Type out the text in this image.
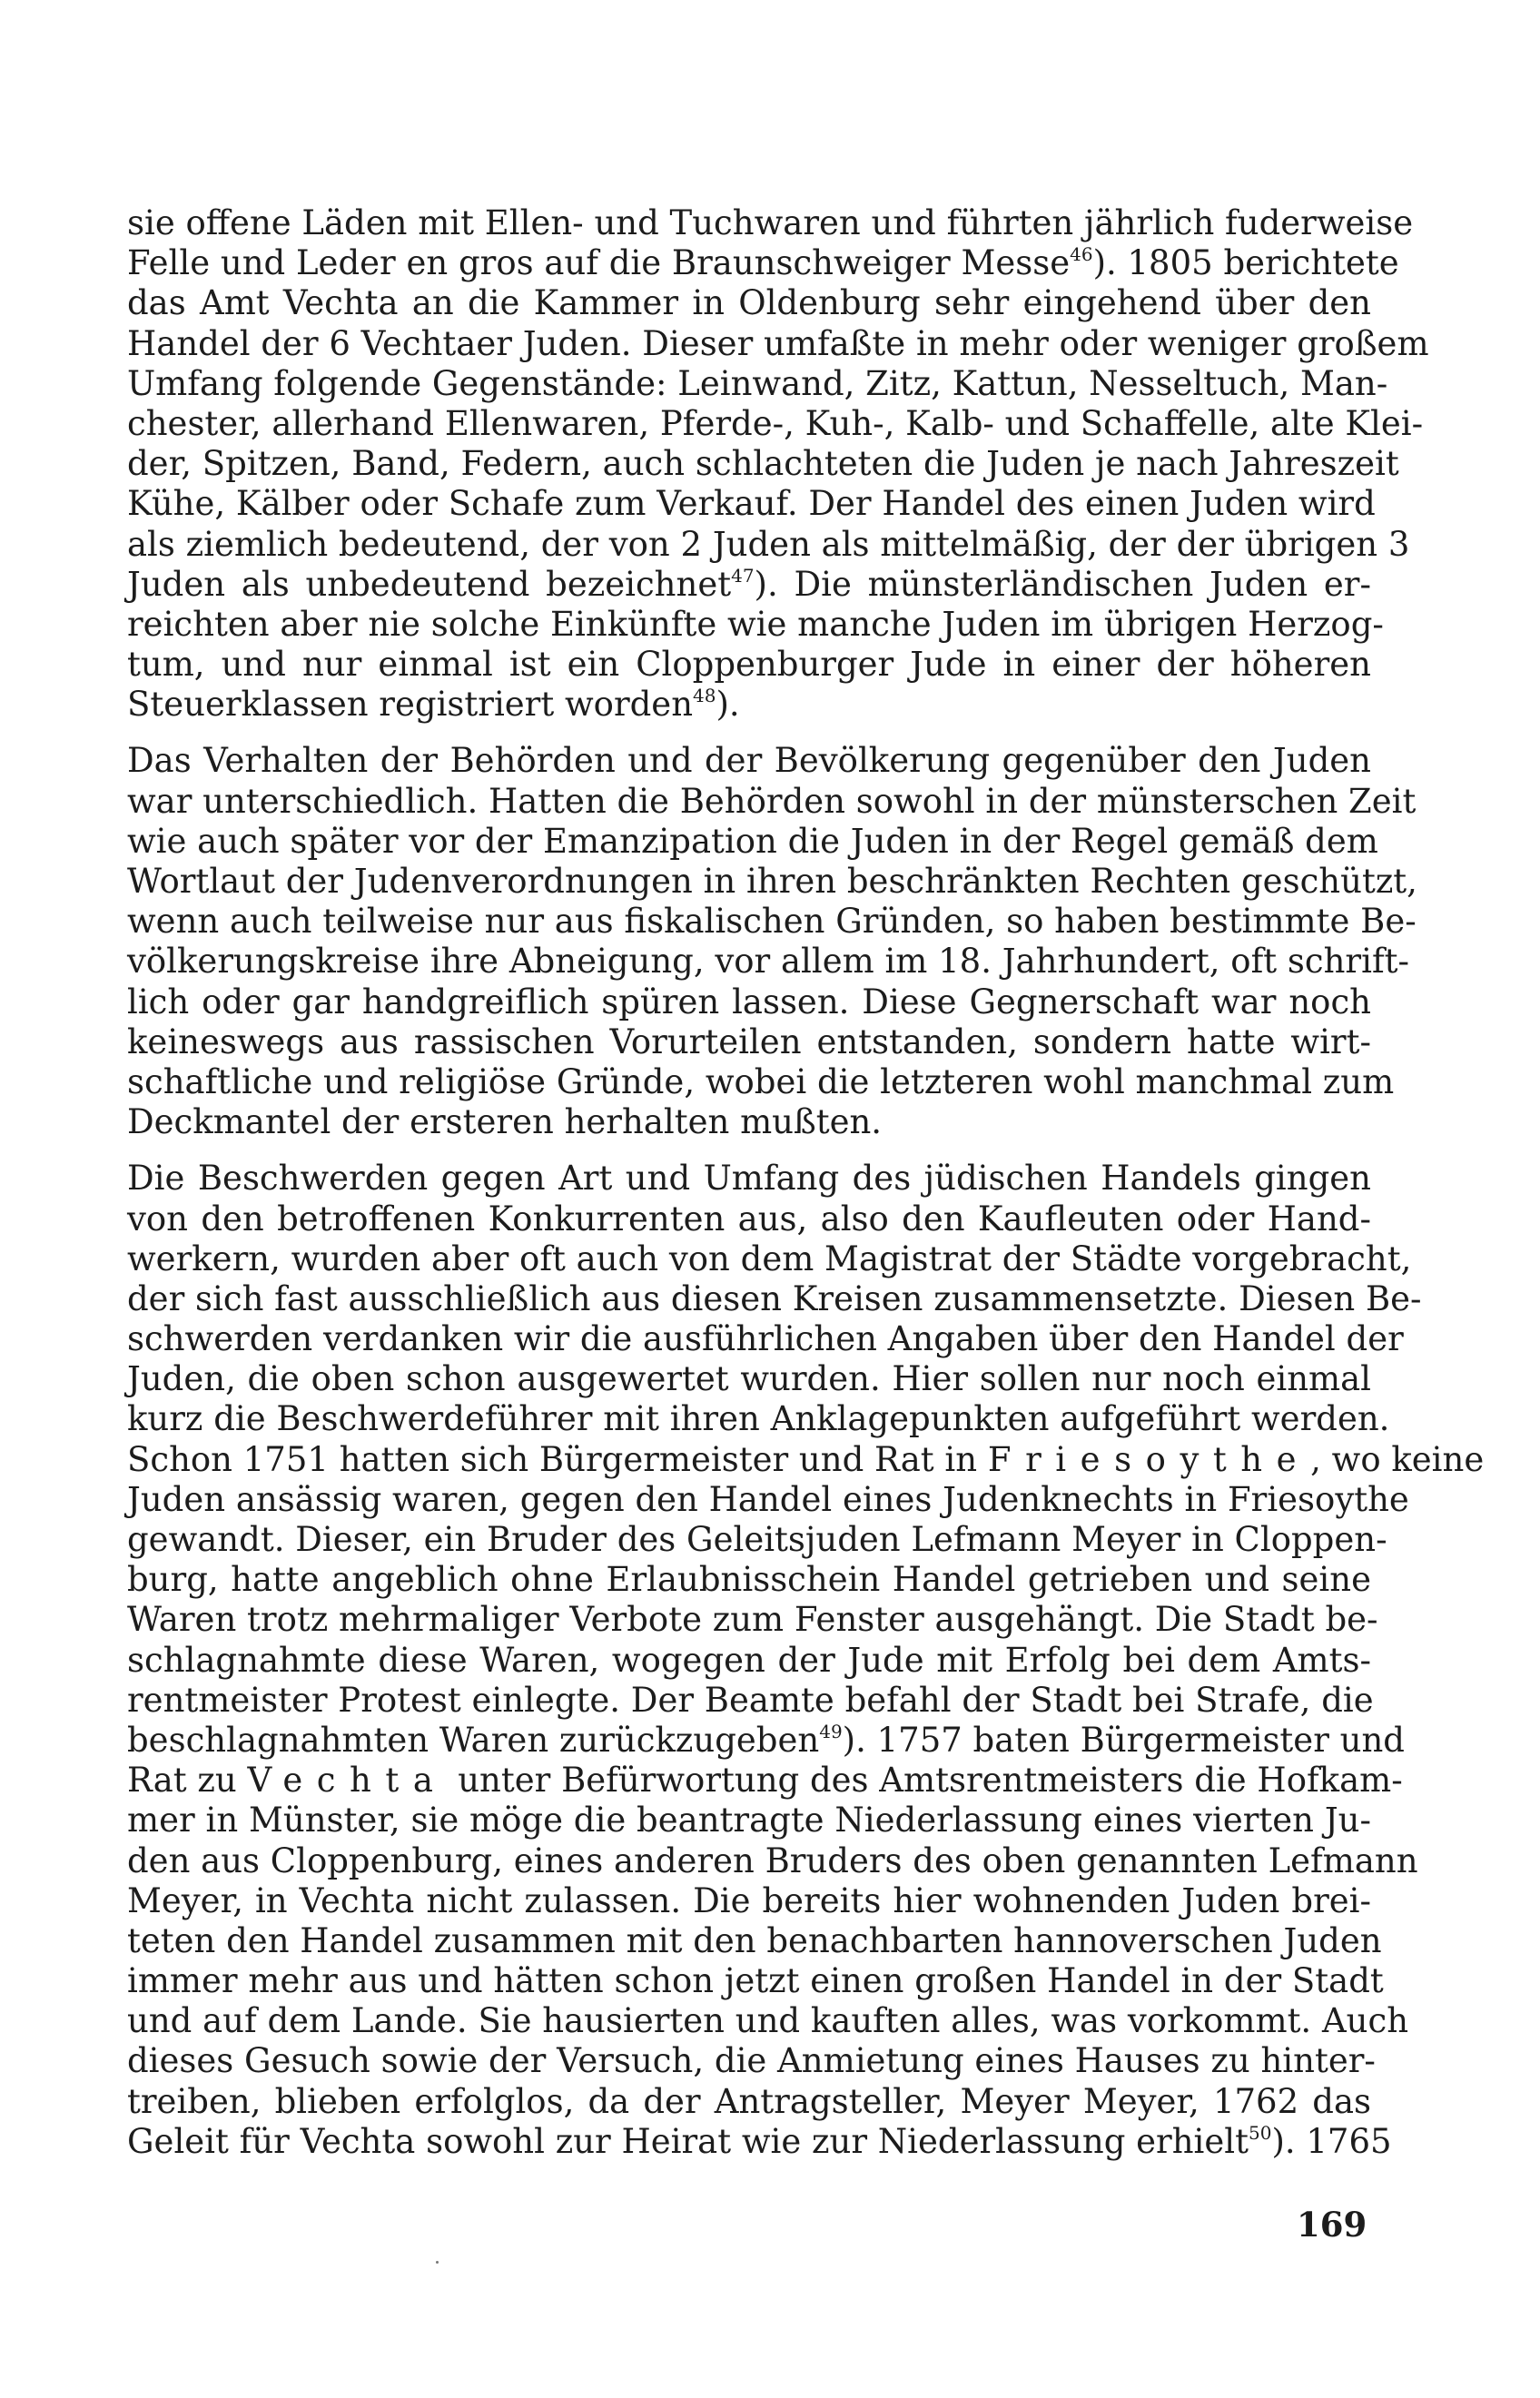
sie offene Läden mit Ellen- und Tuchwaren und führten jährlich fuderweise
Felle und Leder en gros auf die Braunschweiger Messe$^{46}$). 1805 berichtete
das Amt Vechta an die Kammer in Oldenburg sehr eingehend über den
Handel der 6 Vechtaer Juden. Dieser umfaßte in mehr oder weniger großem
Umfang folgende Gegenstände: Leinwand, Zitz, Kattun, Nesseltuch, Man-
chester, allerhand Ellenwaren, Pferde-, Kuh-, Kalb- und Schaffelle, alte Klei-
der, Spitzen, Band, Federn, auch schlachteten die Juden je nach Jahreszeit
Kühe, Kälber oder Schafe zum Verkauf. Der Handel des einen Juden wird
als ziemlich bedeutend, der von 2 Juden als mittelmäßig, der der übrigen 3
Juden als unbedeutend bezeichnet$^{47}$). Die münsterländischen Juden er-
reichten aber nie solche Einkünfte wie manche Juden im übrigen Herzog-
tum, und nur einmal ist ein Cloppenburger Jude in einer der höheren
Steuerklassen registriert worden$^{48}$).
Das Verhalten der Behörden und der Bevölkerung gegenüber den Juden
war unterschiedlich. Hatten die Behörden sowohl in der münsterschen Zeit
wie auch später vor der Emanzipation die Juden in der Regel gemäß dem
Wortlaut der Judenverordnungen in ihren beschränkten Rechten geschützt,
wenn auch teilweise nur aus fiskalischen Gründen, so haben bestimmte Be-
völkerungskreise ihre Abneigung, vor allem im 18. Jahrhundert, oft schrift-
lich oder gar handgreiflich spüren lassen. Diese Gegnerschaft war noch
keineswegs aus rassischen Vorurteilen entstanden, sondern hatte wirt-
schaftliche und religiöse Gründe, wobei die letzteren wohl manchmal zum
Deckmantel der ersteren herhalten mußten.
Die Beschwerden gegen Art und Umfang des jüdischen Handels gingen
von den betroffenen Konkurrenten aus, also den Kaufleuten oder Hand-
werkern, wurden aber oft auch von dem Magistrat der Städte vorgebracht,
der sich fast ausschließlich aus diesen Kreisen zusammensetzte. Diesen Be-
schwerden verdanken wir die ausführlichen Angaben über den Handel der
Juden, die oben schon ausgewertet wurden. Hier sollen nur noch einmal
kurz die Beschwerdeführer mit ihren Anklagepunkten aufgeführt werden.
Schon 1751 hatten sich Bürgermeister und Rat in Friesoythe, wo keine
Juden ansässig waren, gegen den Handel eines Judenknechts in Friesoythe
gewandt. Dieser, ein Bruder des Geleitsjuden Lefmann Meyer in Cloppen-
burg, hatte angeblich ohne Erlaubnisschein Handel getrieben und seine
Waren trotz mehrmaliger Verbote zum Fenster ausgehängt. Die Stadt be-
schlagnahmte diese Waren, wogegen der Jude mit Erfolg bei dem Amts-
rentmeister Protest einlegte. Der Beamte befahl der Stadt bei Strafe, die
beschlagnahmten Waren zurückzugeben$^{49}$). 1757 baten Bürgermeister und
Rat zu Vechta unter Befürwortung des Amtsrentmeisters die Hofkam-
mer in Münster, sie möge die beantragte Niederlassung eines vierten Ju-
den aus Cloppenburg, eines anderen Bruders des oben genannten Lefmann
Meyer, in Vechta nicht zulassen. Die bereits hier wohnenden Juden brei-
teten den Handel zusammen mit den benachbarten hannoverschen Juden
immer mehr aus und hätten schon jetzt einen großen Handel in der Stadt
und auf dem Lande. Sie hausierten und kauften alles, was vorkommt. Auch
dieses Gesuch sowie der Versuch, die Anmietung eines Hauses zu hinter-
treiben, blieben erfolglos, da der Antragsteller, Meyer Meyer, 1762 das
Geleit für Vechta sowohl zur Heirat wie zur Niederlassung erhielt$^{50}$). 1765
169
